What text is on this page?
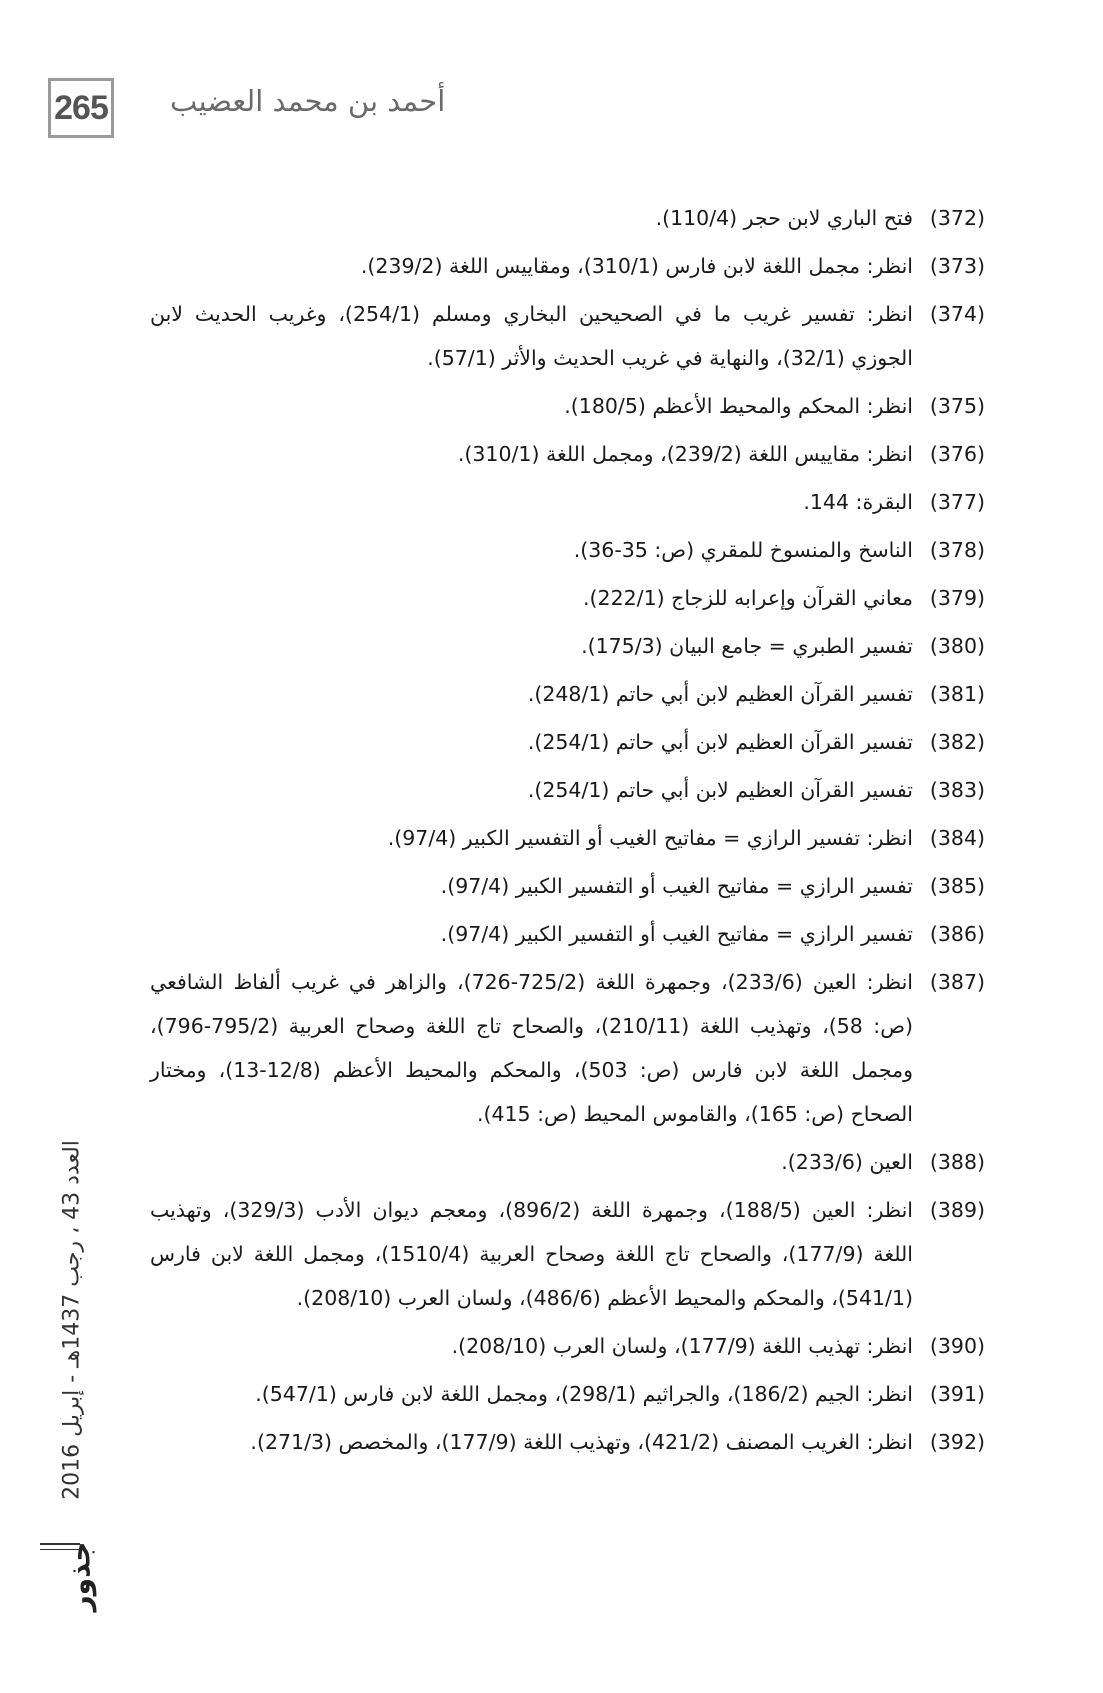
265 أحمد بن محمد العضيب
(372)
فتح الباري لابن حجر (110/4).
(373)
انظر: مجمل اللغة لابن فارس (310/1)، ومقاييس اللغة (239/2).
(374)
انظر: تفسير غريب ما في الصحيحين البخاري ومسلم (254/1)، وغريب الحديث لابن الجوزي (32/1)، والنهاية في غريب الحديث والأثر (57/1).
(375)
انظر: المحكم والمحيط الأعظم (180/5).
(376)
انظر: مقاييس اللغة (239/2)، ومجمل اللغة (310/1).
(377)
البقرة: 144.
(378)
الناسخ والمنسوخ للمقري (ص: 35-36).
(379)
معاني القرآن وإعرابه للزجاج (222/1).
(380)
تفسير الطبري = جامع البيان (175/3).
(381)
تفسير القرآن العظيم لابن أبي حاتم (248/1).
(382)
تفسير القرآن العظيم لابن أبي حاتم (254/1).
(383)
تفسير القرآن العظيم لابن أبي حاتم (254/1).
(384)
انظر: تفسير الرازي = مفاتيح الغيب أو التفسير الكبير (97/4).
(385)
تفسير الرازي = مفاتيح الغيب أو التفسير الكبير (97/4).
(386)
تفسير الرازي = مفاتيح الغيب أو التفسير الكبير (97/4).
(387)
انظر: العين (233/6)، وجمهرة اللغة (725/2-726)، والزاهر في غريب ألفاظ الشافعي (ص: 58)، وتهذيب اللغة (210/11)، والصحاح تاج اللغة وصحاح العربية (795/2-796)، ومجمل اللغة لابن فارس (ص: 503)، والمحكم والمحيط الأعظم (12/8-13)، ومختار الصحاح (ص: 165)، والقاموس المحيط (ص: 415).
(388)
العين (233/6).
(389)
انظر: العين (188/5)، وجمهرة اللغة (896/2)، ومعجم ديوان الأدب (329/3)، وتهذيب اللغة (177/9)، والصحاح تاج اللغة وصحاح العربية (1510/4)، ومجمل اللغة لابن فارس (541/1)، والمحكم والمحيط الأعظم (486/6)، ولسان العرب (208/10).
(390)
انظر: تهذيب اللغة (177/9)، ولسان العرب (208/10).
(391)
انظر: الجيم (186/2)، والجراثيم (298/1)، ومجمل اللغة لابن فارس (547/1).
(392)
انظر: الغريب المصنف (421/2)، وتهذيب اللغة (177/9)، والمخصص (271/3).
العدد 43 ، رجب 1437هـ - إبريل 2016
جذور
